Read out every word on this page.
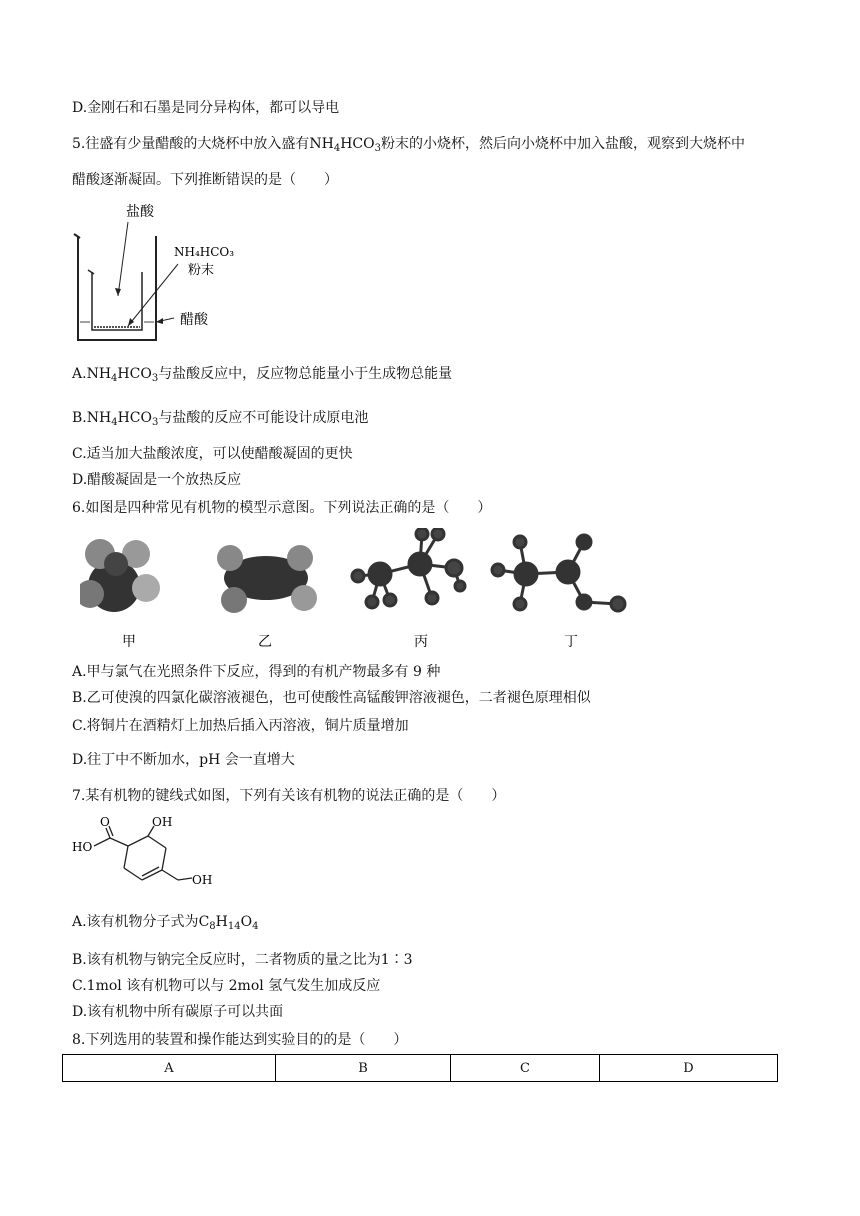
D.金刚石和石墨是同分异构体，都可以导电
5.往盛有少量醋酸的大烧杯中放入盛有$NH_4HCO_3$粉末的小烧杯，然后向小烧杯中加入盐酸，观察到大烧杯中
醋酸逐渐凝固。下列推断错误的是（　　）
盐酸
NH₄HCO₃
粉末
醋酸
$A.NH_4HCO_3$与盐酸反应中，反应物总能量小于生成物总能量
$B.NH_4HCO_3$与盐酸的反应不可能设计成原电池
C.适当加大盐酸浓度，可以使醋酸凝固的更快
D.醋酸凝固是一个放热反应
6.如图是四种常见有机物的模型示意图。下列说法正确的是（　　）
甲	乙	丙	丁
A.甲与氯气在光照条件下反应，得到的有机产物最多有 9 种
B.乙可使溴的四氯化碳溶液褪色，也可使酸性高锰酸钾溶液褪色，二者褪色原理相似
C.将铜片在酒精灯上加热后插入丙溶液，铜片质量增加
D.往丁中不断加水，pH 会一直增大
7.某有机物的键线式如图，下列有关该有机物的说法正确的是（　　）
O
HO
OH
OH
A.该有机物分子式为$C_8H_{14}O_4$
B.该有机物与钠完全反应时，二者物质的量之比为1∶3
C.1mol 该有机物可以与 2mol 氢气发生加成反应
D.该有机物中所有碳原子可以共面
8.下列选用的装置和操作能达到实验目的的是（　　）
A	B	C	D
